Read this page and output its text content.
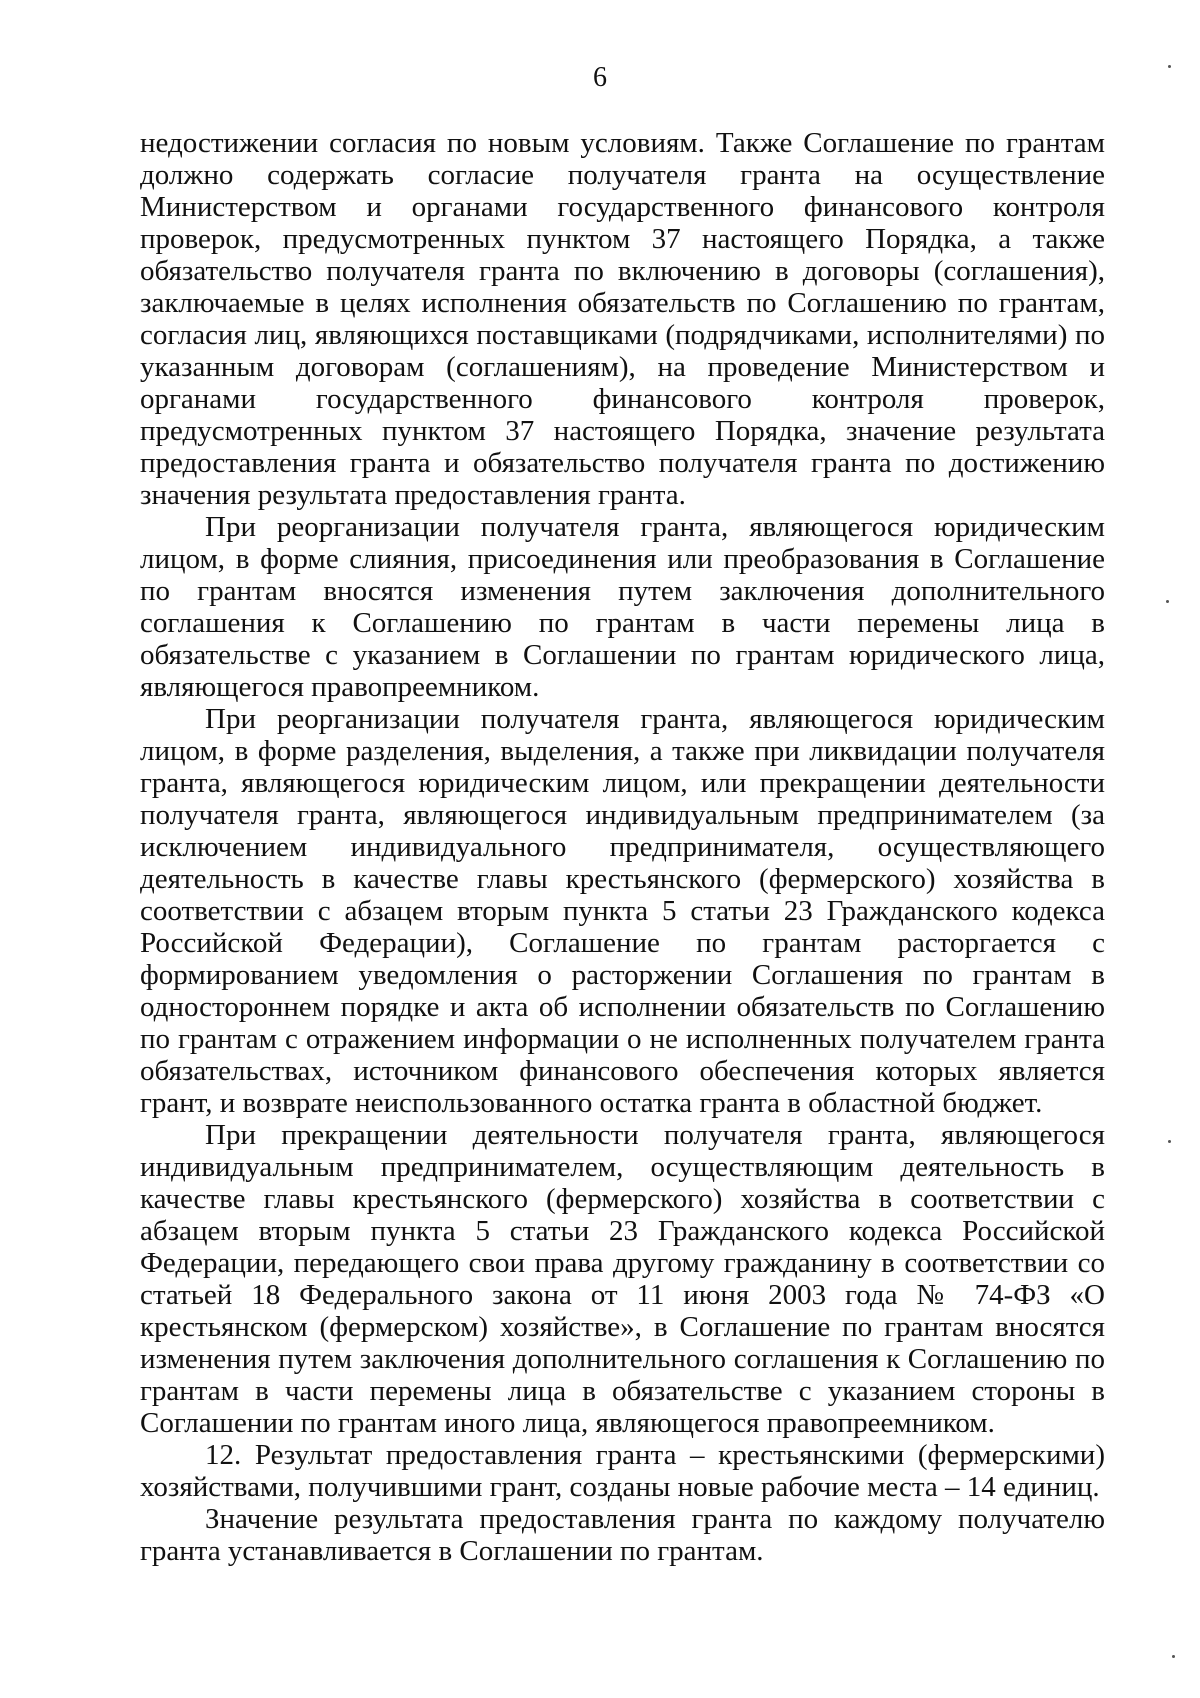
6

недостижении согласия по новым условиям. Также Соглашение по грантам должно содержать согласие получателя гранта на осуществление Министерством и органами государственного финансового контроля проверок, предусмотренных пунктом 37 настоящего Порядка, а также обязательство получателя гранта по включению в договоры (соглашения), заключаемые в целях исполнения обязательств по Соглашению по грантам, согласия лиц, являющихся поставщиками (подрядчиками, исполнителями) по указанным договорам (соглашениям), на проведение Министерством и органами государственного финансового контроля проверок, предусмотренных пунктом 37 настоящего Порядка, значение результата предоставления гранта и обязательство получателя гранта по достижению значения результата предоставления гранта.

При реорганизации получателя гранта, являющегося юридическим лицом, в форме слияния, присоединения или преобразования в Соглашение по грантам вносятся изменения путем заключения дополнительного соглашения к Соглашению по грантам в части перемены лица в обязательстве с указанием в Соглашении по грантам юридического лица, являющегося правопреемником.

При реорганизации получателя гранта, являющегося юридическим лицом, в форме разделения, выделения, а также при ликвидации получателя гранта, являющегося юридическим лицом, или прекращении деятельности получателя гранта, являющегося индивидуальным предпринимателем (за исключением индивидуального предпринимателя, осуществляющего деятельность в качестве главы крестьянского (фермерского) хозяйства в соответствии с абзацем вторым пункта 5 статьи 23 Гражданского кодекса Российской Федерации), Соглашение по грантам расторгается с формированием уведомления о расторжении Соглашения по грантам в одностороннем порядке и акта об исполнении обязательств по Соглашению по грантам с отражением информации о не исполненных получателем гранта обязательствах, источником финансового обеспечения которых является грант, и возврате неиспользованного остатка гранта в областной бюджет.

При прекращении деятельности получателя гранта, являющегося индивидуальным предпринимателем, осуществляющим деятельность в качестве главы крестьянского (фермерского) хозяйства в соответствии с абзацем вторым пункта 5 статьи 23 Гражданского кодекса Российской Федерации, передающего свои права другому гражданину в соответствии со статьей 18 Федерального закона от 11 июня 2003 года № 74-ФЗ «О крестьянском (фермерском) хозяйстве», в Соглашение по грантам вносятся изменения путем заключения дополнительного соглашения к Соглашению по грантам в части перемены лица в обязательстве с указанием стороны в Соглашении по грантам иного лица, являющегося правопреемником.

12. Результат предоставления гранта – крестьянскими (фермерскими) хозяйствами, получившими грант, созданы новые рабочие места – 14 единиц.

Значение результата предоставления гранта по каждому получателю гранта устанавливается в Соглашении по грантам.
